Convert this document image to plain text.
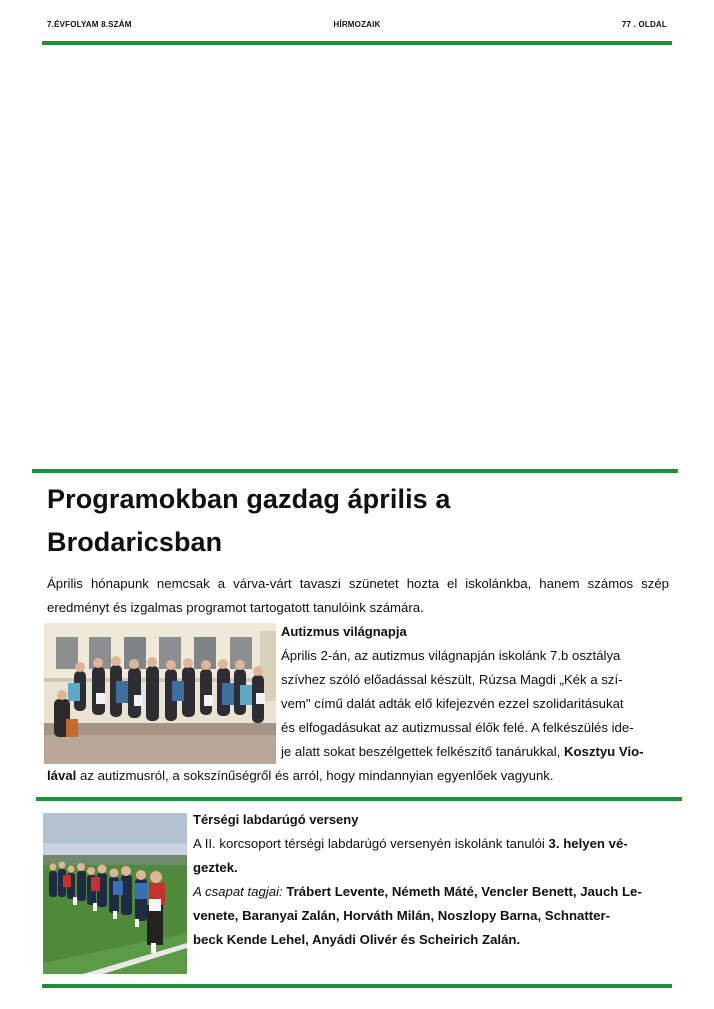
7.ÉVFOLYAM 8.SZÁM	HÍRMOZAIK	77 . OLDAL
Programokban gazdag április a
Brodaricsban
Április hónapunk nemcsak a várva-várt tavaszi szünetet hozta el iskolánkba, hanem számos szép eredményt és izgalmas programot tartogatott tanulóink számára.
Autizmus világnapja
Április 2-án, az autizmus világnapján iskolánk 7.b osztálya
szívhez szóló előadással készült, Rúzsa Magdi „Kék a szí-
vem" című dalát adták elő kifejezvén ezzel szolidaritásukat
és elfogadásukat az autizmussal élők felé. A felkészülés ide-
je alatt sokat beszélgettek felkészítő tanárukkal, Kosztyu Vio-
lával az autizmusról, a sokszínűségről és arról, hogy mindannyian egyenlőek vagyunk.
Térségi labdarúgó verseny
A II. korcsoport térségi labdarúgó versenyén iskolánk tanulói 3. helyen vé-
geztek.
A csapat tagjai: Trábert Levente, Németh Máté, Vencler Benett, Jauch Le-
venete, Baranyai Zalán, Horváth Milán, Noszlopy Barna, Schnatter-
beck Kende Lehel, Anyádi Olivér és Scheirich Zalán.
